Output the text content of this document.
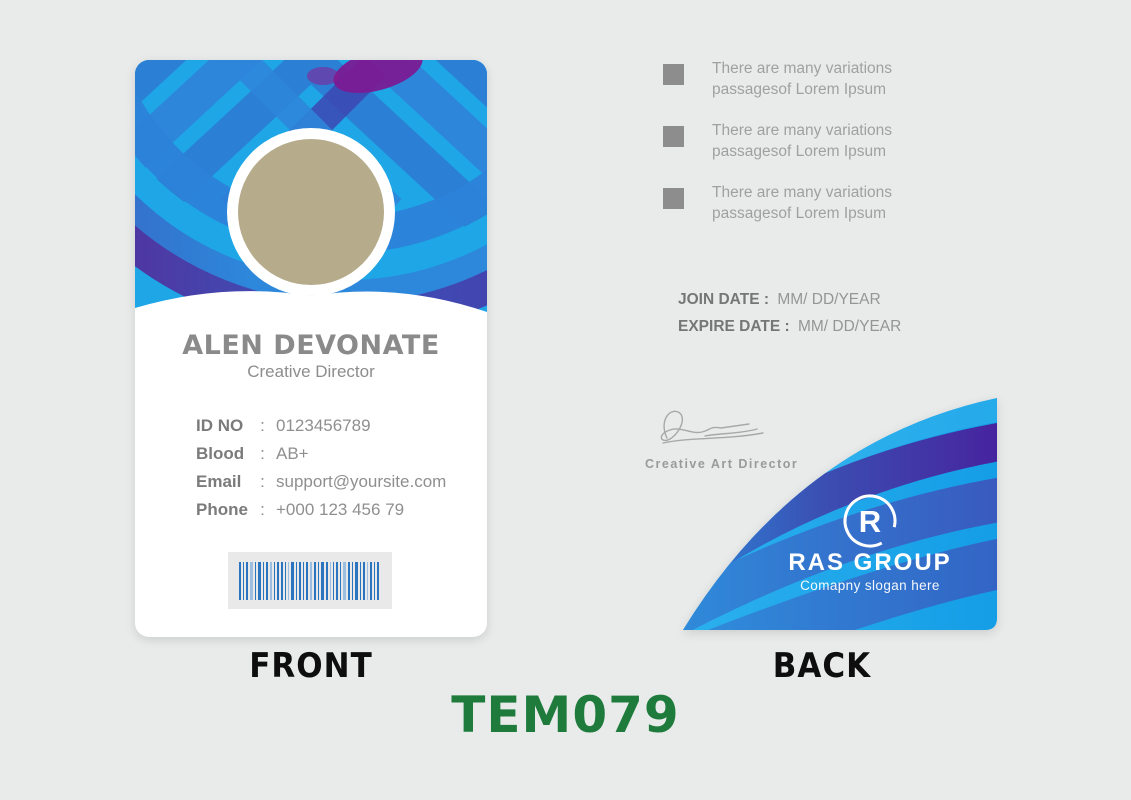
ALEN DEVONATE
Creative Director
ID NO : 0123456789
Blood : AB+
Email	: support@yoursite.com
Phone : +000 123 456 79
FRONT
There are many variations
passagesof Lorem Ipsum
There are many variations
passagesof Lorem Ipsum
There are many variations
passagesof Lorem Ipsum
JOIN DATE : MM/ DD/YEAR
EXPIRE DATE : MM/ DD/YEAR
Creative Art Director
R
RAS GROUP
Comapny slogan here
BACK
TEM079
